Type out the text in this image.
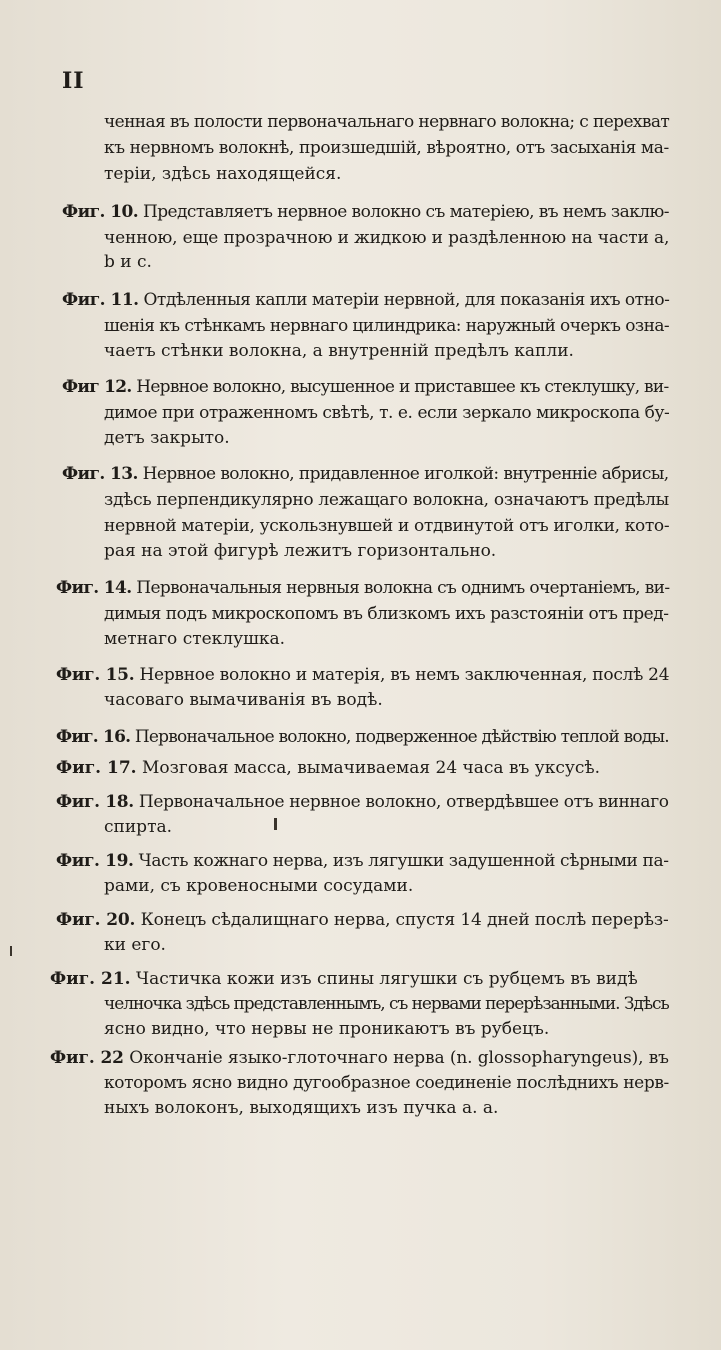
II
ченная въ полости первоначальнаго нервнаго волокна; с перехват
къ нервномъ волокнѣ, произшедшій, вѣроятно, отъ засыханія ма-
теріи, здѣсь находящейся.
Фиг. 10. Представляетъ нервное волокно съ матеріею, въ немъ заклю-
ченною, еще прозрачною и жидкою и раздѣленною на части а,
b и c.
Фиг. 11. Отдѣленныя капли матеріи нервной, для показанія ихъ отно-
шенія къ стѣнкамъ нервнаго цилиндрика: наружный очеркъ озна-
чаетъ стѣнки волокна, а внутренній предѣлъ капли.
Фиг 12. Нервное волокно, высушенное и приставшее къ стеклушку, ви-
димое при отраженномъ свѣтѣ, т. е. если зеркало микроскопа бу-
детъ закрыто.
Фиг. 13. Нервное волокно, придавленное иголкой: внутреннiе абрисы,
здѣсь перпендикулярно лежащаго волокна, означаютъ предѣлы
нервной матеріи, ускользнувшей и отдвинутой отъ иголки, кото-
рая на этой фигурѣ лежитъ горизонтально.
Фиг. 14. Первоначальныя нервныя волокна съ однимъ очертаніемъ, ви-
димыя подъ микроскопомъ въ близкомъ ихъ разстояніи отъ пред-
метнаго стеклушка.
Фиг. 15. Нервное волокно и матерія, въ немъ заключенная, послѣ 24
часоваго вымачиванія въ водѣ.
Фиг. 16. Первоначальное волокно, подверженное дѣйствію теплой воды.
Фиг. 17. Мозговая масса, вымачиваемая 24 часа въ уксусѣ.
Фиг. 18. Первоначальное нервное волокно, отвердѣвшее отъ виннаго
спирта.
Фиг. 19. Часть кожнаго нерва, изъ лягушки задушенной сѣрными па-
рами, съ кровеносными сосудами.
Фиг. 20. Конецъ сѣдалищнаго нерва, спустя 14 дней послѣ перерѣз-
ки его.
Фиг. 21. Частичка кожи изъ спины лягушки съ рубцемъ въ видѣ
челночка здѣсь представленнымъ, съ нервами перерѣзанными. Здѣсь
ясно видно, что нервы не проникаютъ въ рубецъ.
Фиг. 22 Окончаніе языко-глоточнаго нерва (n. glossopharyngeus), въ
которомъ ясно видно дугообразное соединенiе послѣднихъ нерв-
ныхъ волоконъ, выходящихъ изъ пучка а. а.
